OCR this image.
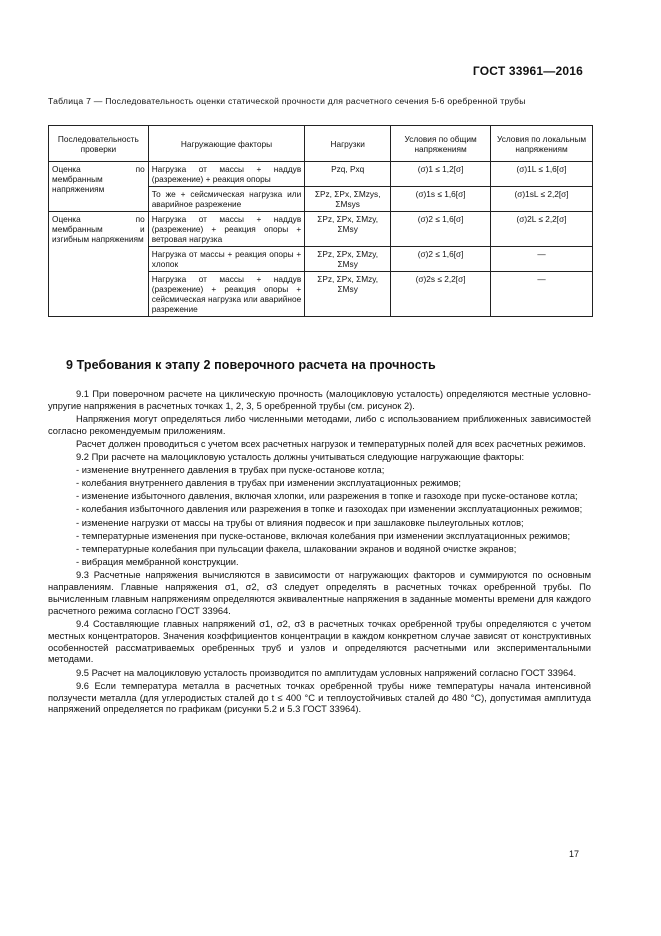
ГОСТ 33961—2016
Таблица 7 — Последовательность оценки статической прочности для расчетного сечения 5-6 оребренной трубы
Последовательность проверки	Нагружающие факторы	Нагрузки	Условия по общим напряжениям	Условия по локальным напряжениям
Оценка по мембранным напряжениям	Нагрузка от массы + наддув (разрежение) + реакция опоры	Pzq, Pxq	(σ)1 ≤ 1,2[σ]	(σ)1L ≤ 1,6[σ]
	То же + сейсмическая нагрузка или аварийное разрежение	ΣPz, ΣPx, ΣMzys, ΣMsys	(σ)1s ≤ 1,6[σ]	(σ)1sL ≤ 2,2[σ]
Оценка по мембранным и изгибным напряжениям	Нагрузка от массы + наддув (разрежение) + реакция опоры + ветровая нагрузка	ΣPz, ΣPx, ΣMzy, ΣMsy	(σ)2 ≤ 1,6[σ]	(σ)2L ≤ 2,2[σ]
	Нагрузка от массы + реакция опоры + хлопок	ΣPz, ΣPx, ΣMzy, ΣMsy	(σ)2 ≤ 1,6[σ]	—
	Нагрузка от массы + наддув (разрежение) + реакция опоры + сейсмическая нагрузка или аварийное разрежение	ΣPz, ΣPx, ΣMzy, ΣMsy	(σ)2s ≤ 2,2[σ]	—
9 Требования к этапу 2 поверочного расчета на прочность

9.1 При поверочном расчете на циклическую прочность (малоцикловую усталость) определяются местные условно-упругие напряжения в расчетных точках 1, 2, 3, 5 оребренной трубы (см. рисунок 2).

Напряжения могут определяться либо численными методами, либо с использованием приближенных зависимостей согласно рекомендуемым приложениям.

Расчет должен проводиться с учетом всех расчетных нагрузок и температурных полей для всех расчетных режимов.

9.2 При расчете на малоцикловую усталость должны учитываться следующие нагружающие факторы:

- изменение внутреннего давления в трубах при пуске-останове котла;

- колебания внутреннего давления в трубах при изменении эксплуатационных режимов;

- изменение избыточного давления, включая хлопки, или разрежения в топке и газоходе при пуске-останове котла;

- колебания избыточного давления или разрежения в топке и газоходах при изменении эксплуатационных режимов;

- изменение нагрузки от массы на трубы от влияния подвесок и при зашлаковке пылеугольных котлов;

- температурные изменения при пуске-останове, включая колебания при изменении эксплуатационных режимов;

- температурные колебания при пульсации факела, шлаковании экранов и водяной очистке экранов;

- вибрация мембранной конструкции.

9.3 Расчетные напряжения вычисляются в зависимости от нагружающих факторов и суммируются по основным направлениям. Главные напряжения σ1, σ2, σ3 следует определять в расчетных точках оребренной трубы. По вычисленным главным напряжениям определяются эквивалентные напряжения в заданные моменты времени для каждого расчетного режима согласно ГОСТ 33964.

9.4 Составляющие главных напряжений σ1, σ2, σ3 в расчетных точках оребренной трубы определяются с учетом местных концентраторов. Значения коэффициентов концентрации в каждом конкретном случае зависят от конструктивных особенностей рассматриваемых оребренных труб и узлов и определяются расчетными или экспериментальными методами.

9.5 Расчет на малоцикловую усталость производится по амплитудам условных напряжений согласно ГОСТ 33964.

9.6 Если температура металла в расчетных точках оребренной трубы ниже температуры начала интенсивной ползучести металла (для углеродистых сталей до t ≤ 400 °С и теплоустойчивых сталей до 480 °С), допустимая амплитуда напряжений определяется по графикам (рисунки 5.2 и 5.3 ГОСТ 33964).

17
